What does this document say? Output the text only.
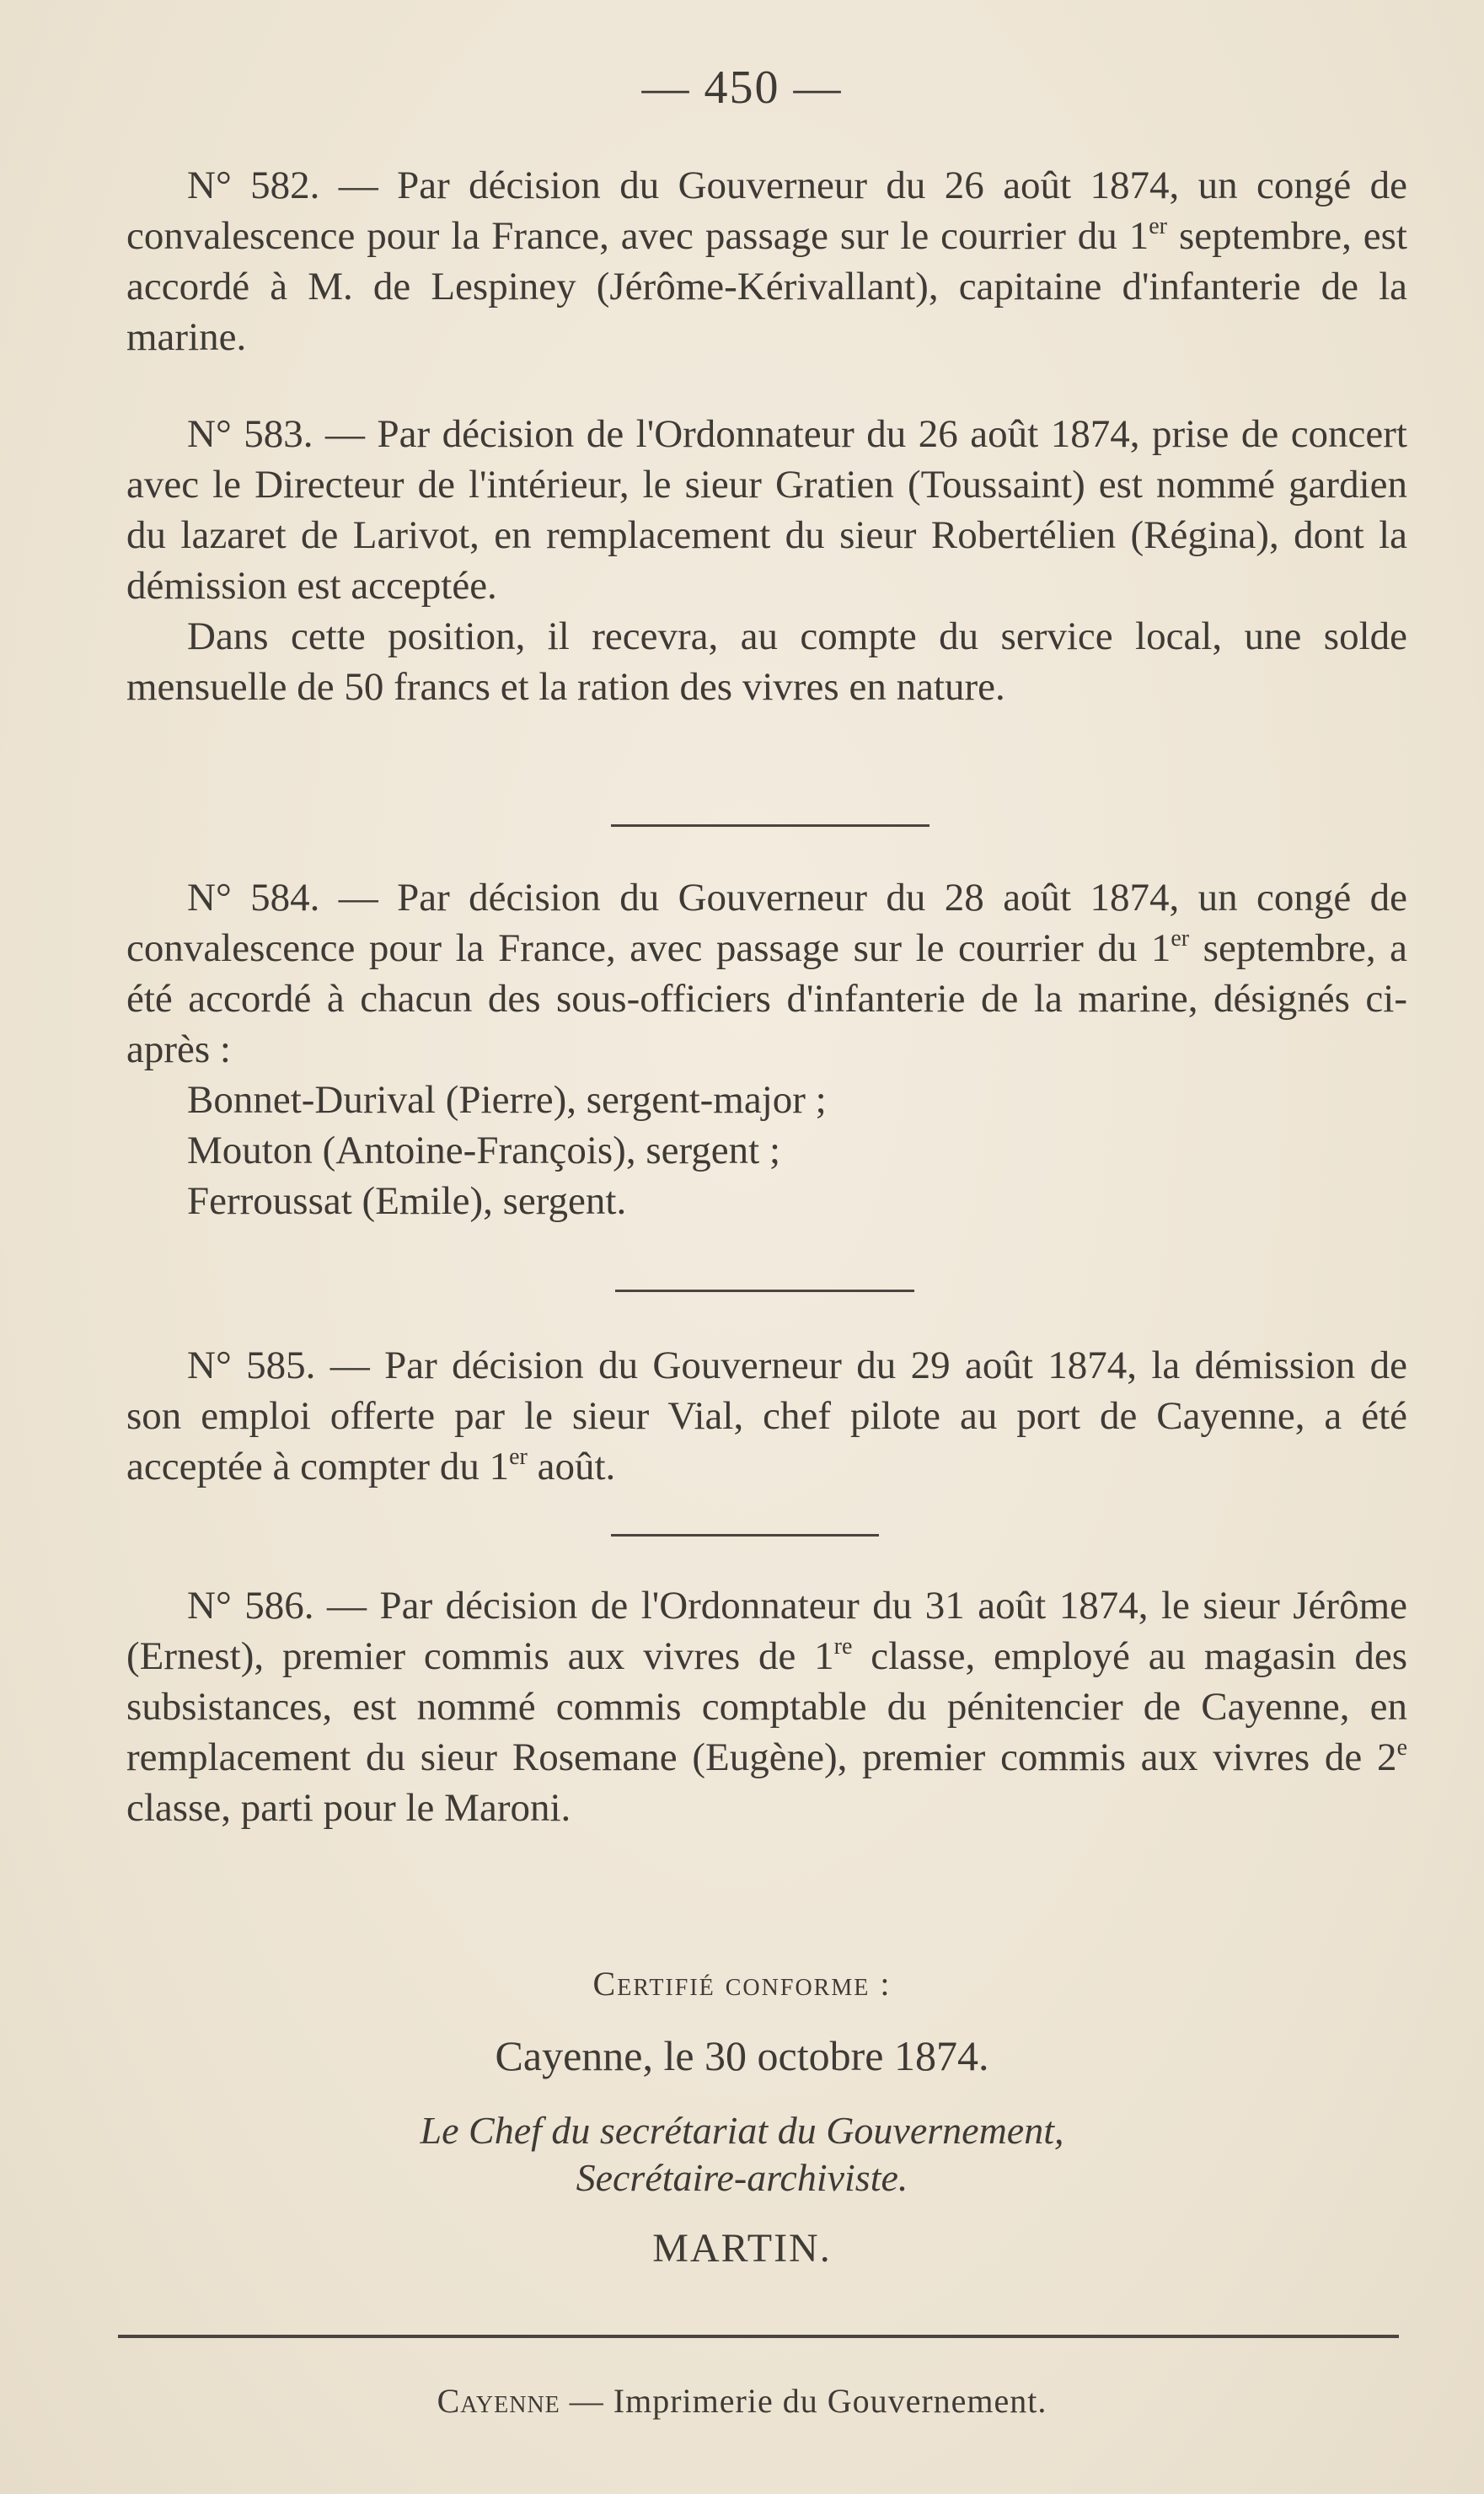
— 450 —

N° 582. — Par décision du Gouverneur du 26 août 1874, un congé de convalescence pour la France, avec passage sur le courrier du 1er septembre, est accordé à M. de Lespiney (Jérôme-Kérivallant), capitaine d'infanterie de la marine.

N° 583. — Par décision de l'Ordonnateur du 26 août 1874, prise de concert avec le Directeur de l'intérieur, le sieur Gratien (Toussaint) est nommé gardien du lazaret de Larivot, en remplacement du sieur Robertélien (Régina), dont la démission est acceptée.

Dans cette position, il recevra, au compte du service local, une solde mensuelle de 50 francs et la ration des vivres en nature.

N° 584. — Par décision du Gouverneur du 28 août 1874, un congé de convalescence pour la France, avec passage sur le courrier du 1er septembre, a été accordé à chacun des sous-officiers d'infanterie de la marine, désignés ci-après :

Bonnet-Durival (Pierre), sergent-major ;
Mouton (Antoine-François), sergent ;
Ferroussat (Emile), sergent.

N° 585. — Par décision du Gouverneur du 29 août 1874, la démission de son emploi offerte par le sieur Vial, chef pilote au port de Cayenne, a été acceptée à compter du 1er août.

N° 586. — Par décision de l'Ordonnateur du 31 août 1874, le sieur Jérôme (Ernest), premier commis aux vivres de 1re classe, employé au magasin des subsistances, est nommé commis comptable du pénitencier de Cayenne, en remplacement du sieur Rosemane (Eugène), premier commis aux vivres de 2e classe, parti pour le Maroni.

Certifié conforme :
Cayenne, le 30 octobre 1874.
Le Chef du secrétariat du Gouvernement,
Secrétaire-archiviste.
MARTIN.
Cayenne — Imprimerie du Gouvernement.
